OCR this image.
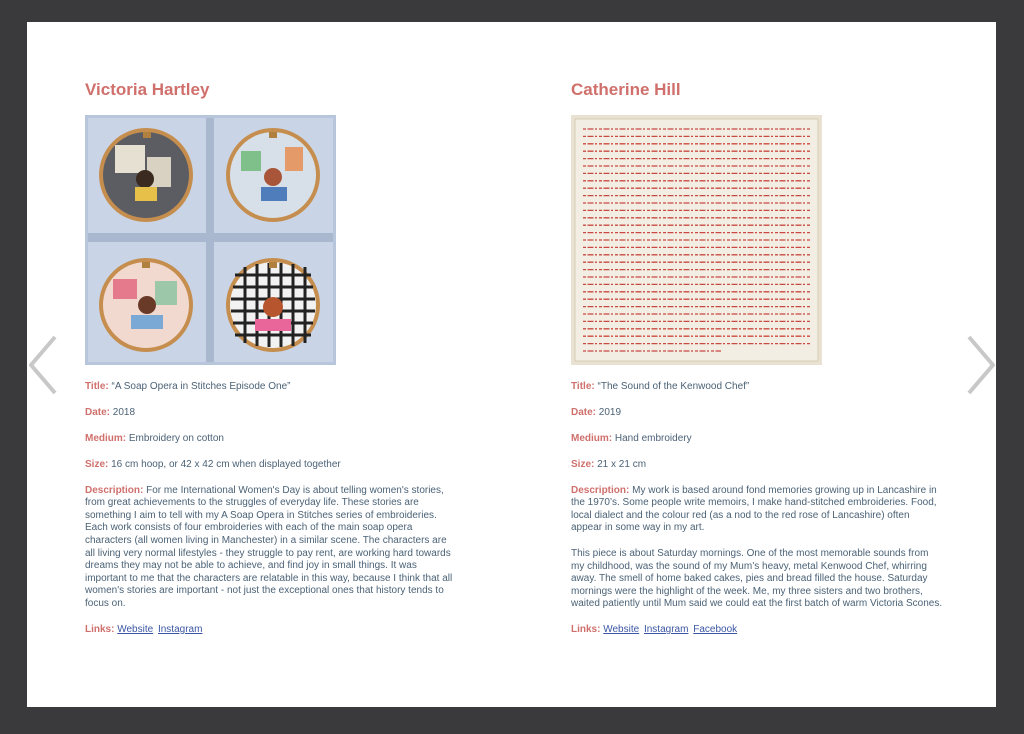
Victoria Hartley

Title: “A Soap Opera in Stitches Episode One”

Date: 2018

Medium: Embroidery on cotton

Size: 16 cm hoop, or 42 x 42 cm when displayed together

Description: For me International Women's Day is about telling women's stories, from great achievements to the struggles of everyday life. These stories are something I aim to tell with my A Soap Opera in Stitches series of embroideries. Each work consists of four embroideries with each of the main soap opera characters (all women living in Manchester) in a similar scene. The characters are all living very normal lifestyles - they struggle to pay rent, are working hard towards dreams they may not be able to achieve, and find joy in small things. It was important to me that the characters are relatable in this way, because I think that all women's stories are important - not just the exceptional ones that history tends to focus on.

Links: Website Instagram

Catherine Hill

Title: “The Sound of the Kenwood Chef”

Date: 2019

Medium: Hand embroidery

Size: 21 x 21 cm

Description: My work is based around fond memories growing up in Lancashire in the 1970’s. Some people write memoirs, I make hand-stitched embroideries. Food, local dialect and the colour red (as a nod to the red rose of Lancashire) often appear in some way in my art.

This piece is about Saturday mornings. One of the most memorable sounds from my childhood, was the sound of my Mum’s heavy, metal Kenwood Chef, whirring away. The smell of home baked cakes, pies and bread filled the house. Saturday mornings were the highlight of the week. Me, my three sisters and two brothers, waited patiently until Mum said we could eat the first batch of warm Victoria Scones.

Links: Website Instagram Facebook
